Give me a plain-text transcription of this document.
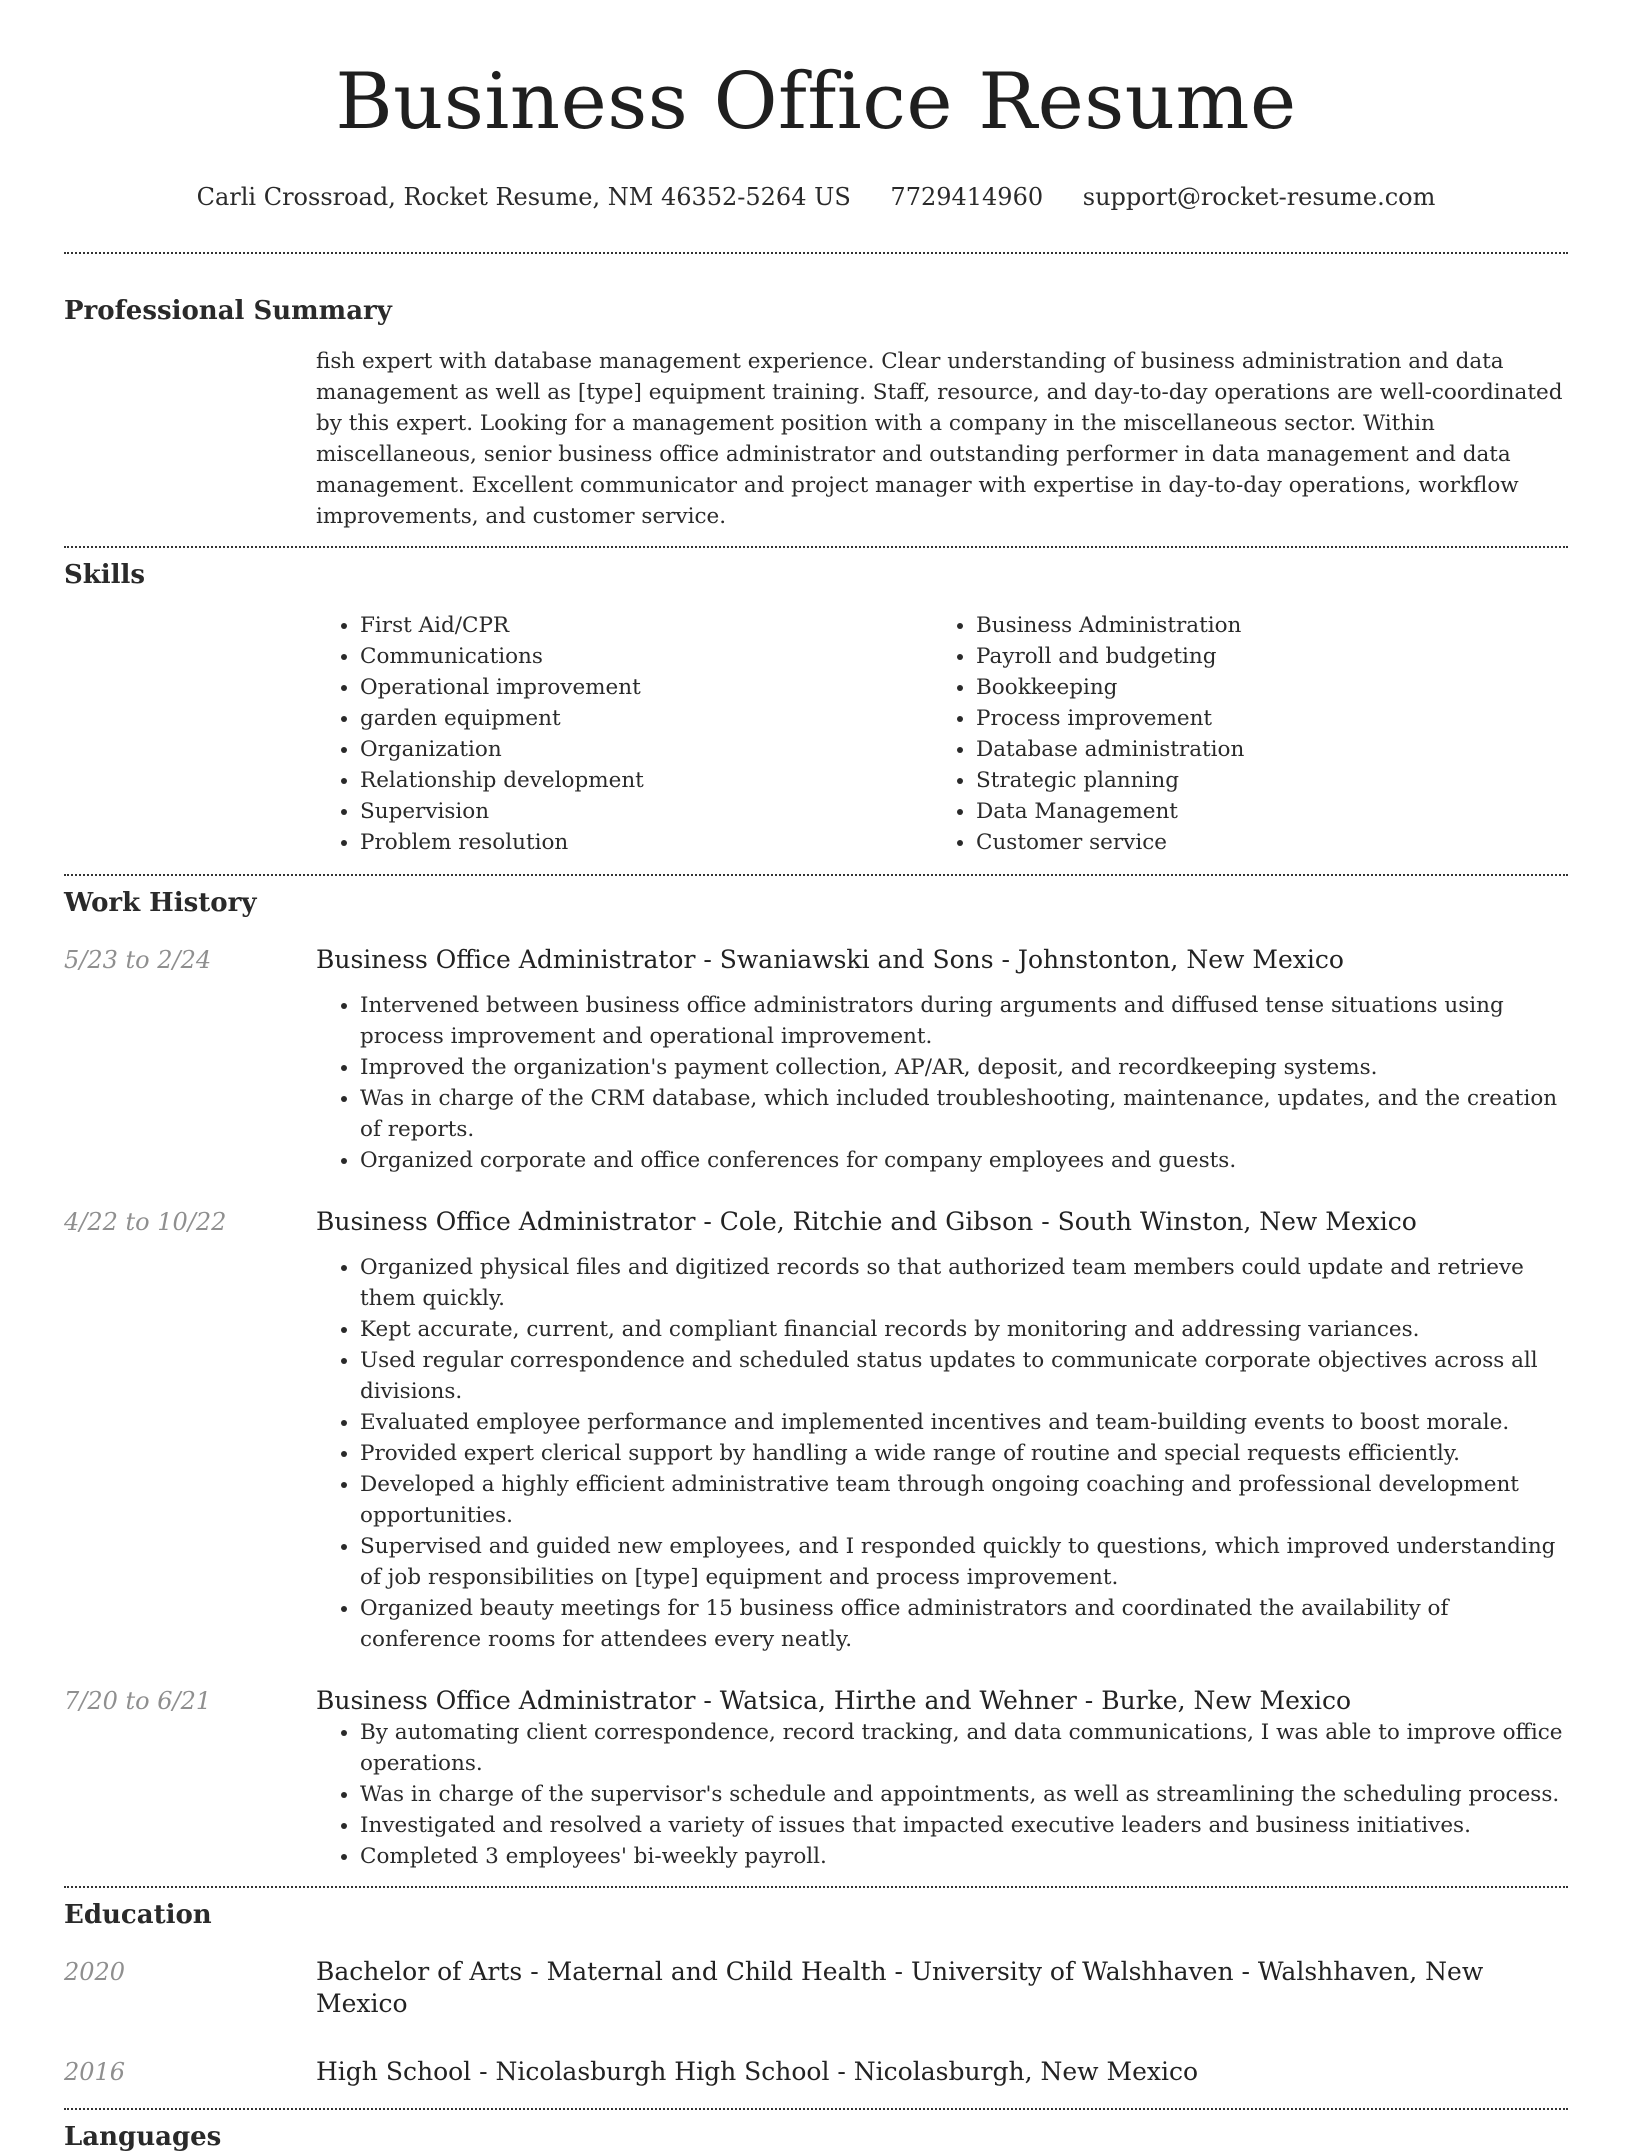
Business Office Resume
Carli Crossroad, Rocket Resume, NM 46352-5264 US 7729414960 support@rocket-resume.com
Professional Summary

fish expert with database management experience. Clear understanding of business administration and data management as well as [type] equipment training. Staff, resource, and day-to-day operations are well-coordinated by this expert. Looking for a management position with a company in the miscellaneous sector. Within miscellaneous, senior business office administrator and outstanding performer in data management and data management. Excellent communicator and project manager with expertise in day-to-day operations, workflow improvements, and customer service.

Skills
• First Aid/CPR
• Communications
• Operational improvement
• garden equipment
• Organization
• Relationship development
• Supervision
• Problem resolution
• Business Administration
• Payroll and budgeting
• Bookkeeping
• Process improvement
• Database administration
• Strategic planning
• Data Management
• Customer service
Work History
5/23 to 2/24	Business Office Administrator - Swaniawski and Sons - Johnstonton, New Mexico

• Intervened between business office administrators during arguments and diffused tense situations using process improvement and operational improvement.
• Improved the organization's payment collection, AP/AR, deposit, and recordkeeping systems.
• Was in charge of the CRM database, which included troubleshooting, maintenance, updates, and the creation of reports.
• Organized corporate and office conferences for company employees and guests.
4/22 to 10/22	Business Office Administrator - Cole, Ritchie and Gibson - South Winston, New Mexico

• Organized physical files and digitized records so that authorized team members could update and retrieve them quickly.
• Kept accurate, current, and compliant financial records by monitoring and addressing variances.
• Used regular correspondence and scheduled status updates to communicate corporate objectives across all divisions.
• Evaluated employee performance and implemented incentives and team-building events to boost morale.
• Provided expert clerical support by handling a wide range of routine and special requests efficiently.
• Developed a highly efficient administrative team through ongoing coaching and professional development opportunities.
• Supervised and guided new employees, and I responded quickly to questions, which improved understanding of job responsibilities on [type] equipment and process improvement.
• Organized beauty meetings for 15 business office administrators and coordinated the availability of conference rooms for attendees every neatly.
7/20 to 6/21	Business Office Administrator - Watsica, Hirthe and Wehner - Burke, New Mexico

• By automating client correspondence, record tracking, and data communications, I was able to improve office operations.
• Was in charge of the supervisor's schedule and appointments, as well as streamlining the scheduling process.
• Investigated and resolved a variety of issues that impacted executive leaders and business initiatives.
• Completed 3 employees' bi-weekly payroll.
Education
2020	Bachelor of Arts - Maternal and Child Health - University of Walshhaven - Walshhaven, New Mexico
2016	High School - Nicolasburgh High School - Nicolasburgh, New Mexico
Languages
